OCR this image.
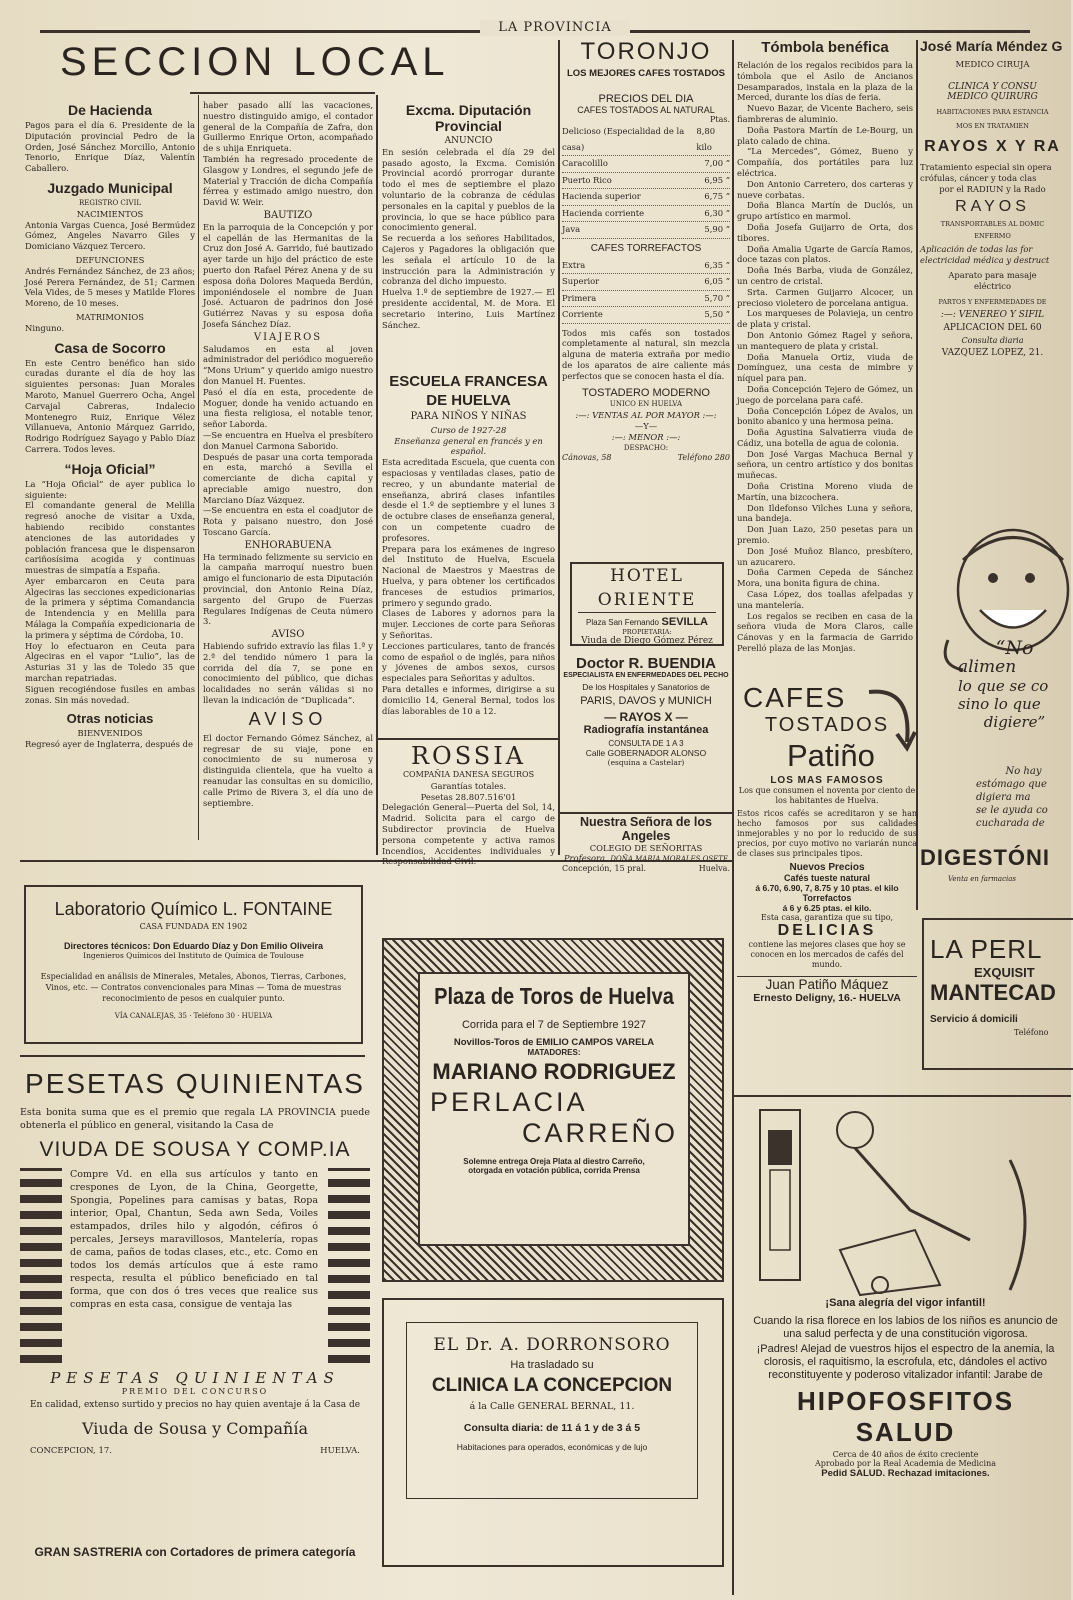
LA PROVINCIA
SECCION LOCAL
De Hacienda
Pagos para el día 6. Presidente de la Diputación provincial Pedro de la Orden, José Sánchez Morcillo, Antonio Tenorio, Enrique Díaz, Valentín Caballero.
Juzgado Municipal
REGISTRO CIVIL
NACIMIENTOS
Antonia Vargas Cuenca, José Bermúdez Gómez, Angeles Navarro Giles y Domiciano Vázquez Tercero.
DEFUNCIONES
Andrés Fernández Sánchez, de 23 años; José Perera Fernández, de 51; Carmen Vela Vides, de 5 meses y Matilde Flores Moreno, de 10 meses.
MATRIMONIOS
Ninguno.
Casa de Socorro
En este Centro benéfico han sido curadas durante el día de hoy las siguientes personas: Juan Morales Maroto, Manuel Guerrero Ocha, Angel Carvajal Cabreras, Indalecio Montenegro Ruiz, Enrique Vélez Villanueva, Antonio Márquez Garrido, Rodrigo Rodríguez Sayago y Pablo Díaz Carrera. Todos leves.
“Hoja Oficial”
La “Hoja Oficial” de ayer publica lo siguiente:
El comandante general de Melilla regresó anoche de visitar a Uxda, habiendo recibido constantes atenciones de las autoridades y población francesa que le dispensaron cariñosísima acogida y continuas muestras de simpatía a España.
Ayer embarcaron en Ceuta para Algeciras las secciones expedicionarias de la primera y séptima Comandancia de Intendencia y en Melilla para Málaga la Compañía expedicionaria de la primera y séptima de Córdoba, 10.
Hoy lo efectuaron en Ceuta para Algeciras en el vapor “Lulio”, las de Asturias 31 y las de Toledo 35 que marchan repatriadas.
Siguen recogiéndose fusiles en ambas zonas. Sin más novedad.
Otras noticias
BIENVENIDOS
Regresó ayer de Inglaterra, después de
haber pasado allí las vacaciones, nuestro distinguido amigo, el contador general de la Compañía de Zafra, don Guillermo Enrique Orton, acompañado de s uhija Enriqueta.
También ha regresado procedente de Glasgow y Londres, el segundo jefe de Material y Tracción de dicha Compañía férrea y estimado amigo nuestro, don David W. Weir.
BAUTIZO
En la parroquia de la Concepción y por el capellán de las Hermanitas de la Cruz don José A. Garrido, fué bautizado ayer tarde un hijo del práctico de este puerto don Rafael Pérez Anena y de su esposa doña Dolores Maqueda Berdún, imponiéndosele el nombre de Juan José. Actuaron de padrinos don José Gutiérrez Navas y su esposa doña Josefa Sánchez Díaz.
VIAJEROS
Saludamos en esta al joven administrador del periódico moguereño “Mons Urium” y querido amigo nuestro don Manuel H. Fuentes.
Pasó el día en esta, procedente de Moguer, donde ha venido actuando en una fiesta religiosa, el notable tenor, señor Laborda.
—Se encuentra en Huelva el presbítero don Manuel Carmona Saborido.
Después de pasar una corta temporada en esta, marchó a Sevilla el comerciante de dicha capital y apreciable amigo nuestro, don Marciano Díaz Vázquez.
—Se encuentra en esta el coadjutor de Rota y paisano nuestro, don José Toscano García.
ENHORABUENA
Ha terminado felizmente su servicio en la campaña marroquí nuestro buen amigo el funcionario de esta Diputación provincial, don Antonio Reina Díaz, sargento del Grupo de Fuerzas Regulares Indígenas de Ceuta número 3.
AVISO
Habiendo sufrido extravío las filas 1.ª y 2.ª del tendido número 1 para la corrida del día 7, se pone en conocimiento del público, que dichas localidades no serán válidas si no llevan la indicación de “Duplicada”.
AVISO
El doctor Fernando Gómez Sánchez, al regresar de su viaje, pone en conocimiento de su numerosa y distinguida clientela, que ha vuelto a reanudar las consultas en su domicilio, calle Primo de Rivera 3, el día uno de septiembre.
Excma. Diputación Provincial
ANUNCIO
En sesión celebrada el día 29 del pasado agosto, la Excma. Comisión Provincial acordó prorrogar durante todo el mes de septiembre el plazo voluntario de la cobranza de cédulas personales en la capital y pueblos de la provincia, lo que se hace público para conocimiento general.
Se recuerda a los señores Habilitados, Cajeros y Pagadores la obligación que les señala el artículo 10 de la instrucción para la Administración y cobranza del dicho impuesto.
Huelva 1.º de septiembre de 1927.— El presidente accidental, M. de Mora. El secretario interino, Luis Martínez Sánchez.
ESCUELA FRANCESA DE HUELVA
PARA NIÑOS Y NIÑAS
Curso de 1927-28
Enseñanza general en francés y en español.
Esta acreditada Escuela, que cuenta con espaciosas y ventiladas clases, patio de recreo, y un abundante material de enseñanza, abrirá clases infantiles desde el 1.º de septiembre y el lunes 3 de octubre clases de enseñanza general, con un competente cuadro de profesores.
Prepara para los exámenes de ingreso del Instituto de Huelva, Escuela Nacional de Maestros y Maestras de Huelva, y para obtener los certificados franceses de estudios primarios, primero y segundo grado.
Clases de Labores y adornos para la mujer. Lecciones de corte para Señoras y Señoritas.
Lecciones particulares, tanto de francés como de español o de inglés, para niños y jóvenes de ambos sexos, cursos especiales para Señoritas y adultos.
Para detalles e informes, dirigirse a su domicilio 14, General Bernal, todos los días laborables de 10 a 12.
ROSSIA
COMPAÑIA DANESA SEGUROS
Garantías totales.
Pesetas 28.807.516'01
Delegación General—Puerta del Sol, 14, Madrid. Solicita para el cargo de Subdirector provincia de Huelva persona competente y activa ramos Incendios, Accidentes individuales y Responsabilidad Civil.
TORONJO
LOS MEJORES CAFES TOSTADOS
PRECIOS DEL DIA
CAFES TOSTADOS AL NATURAL
Ptas.
Delicioso (Especialidad de la casa)
8,80 kilo
Caracolillo	7,00 ”
Puerto Rico	6,95 ”
Hacienda superior	6,75 ”
Hacienda corriente	6,30 ”
Java	5,90 ”
CAFES TORREFACTOS
Extra	6,35 ”
Superior	6,05 ”
Primera	5,70 ”
Corriente	5,50 ”
Todos mis cafés son tostados completamente al natural, sin mezcla alguna de materia extraña por medio de los aparatos de aire caliente más perfectos que se conocen hasta el día.
TOSTADERO MODERNO
UNICO EN HUELVA
:—: VENTAS AL POR MAYOR :—:
—Y—
:—: MENOR :—:
DESPACHO:
Cánovas, 58	Teléfono 280
HOTEL ORIENTE
Plaza San Fernando SEVILLA
PROPIETARIA:
Viuda de Diego Gómez Pérez
Doctor R. BUENDIA
ESPECIALISTA EN ENFERMEDADES DEL PECHO
De los Hospitales y Sanatorios de
PARIS, DAVOS y MUNICH
— RAYOS X —
Radiografía instantánea
CONSULTA DE 1 A 3
Calle GOBERNADOR ALONSO
(esquina a Castelar)
Nuestra Señora de los Angeles
COLEGIO DE SEÑORITAS
Profesora, DOÑA MARIA MORALES OSETE
Concepción, 15 pral.	Huelva.
Tómbola benéfica
Relación de los regalos recibidos para la tómbola que el Asilo de Ancianos Desamparados, instala en la plaza de la Merced, durante los días de feria.
Nuevo Bazar, de Vicente Bachero, seis fiambreras de aluminio.
Doña Pastora Martín de Le-Bourg, un plato calado de china.
“La Mercedes”, Gómez, Bueno y Compañía, dos portátiles para luz eléctrica.
Don Antonio Carretero, dos carteras y nueve corbatas.
Doña Blanca Martín de Duclós, un grupo artístico en marmol.
Doña Josefa Guijarro de Orta, dos tibores.
Doña Amalia Ugarte de García Ramos, doce tazas con platos.
Doña Inés Barba, viuda de González, un centro de cristal.
Srta. Carmen Guijarro Alcocer, un precioso violetero de porcelana antigua.
Los marqueses de Polavieja, un centro de plata y cristal.
Don Antonio Gómez Ragel y señora, un mantequero de plata y cristal.
Doña Manuela Ortiz, viuda de Domínguez, una cesta de mimbre y níquel para pan.
Doña Concepción Tejero de Gómez, un juego de porcelana para café.
Doña Concepción López de Avalos, un bonito abanico y una hermosa peina.
Doña Agustina Salvatierra viuda de Cádiz, una botella de agua de colonia.
Don José Vargas Machuca Bernal y señora, un centro artístico y dos bonitas muñecas.
Doña Cristina Moreno viuda de Martín, una bizcochera.
Don Ildefonso Vilches Luna y señora, una bandeja.
Don Juan Lazo, 250 pesetas para un premio.
Don José Muñoz Blanco, presbítero, un azucarero.
Doña Carmen Cepeda de Sánchez Mora, una bonita figura de china.
Casa López, dos toallas afelpadas y una mantelería.
Los regalos se reciben en casa de la señora viuda de Mora Claros, calle Cánovas y en la farmacia de Garrido Perelló plaza de las Monjas.
José María Méndez G
MEDICO CIRUJA
CLINICA Y CONSU
MEDICO QUIRURG
HABITACIONES PARA ESTANCIA
MOS EN TRATAMIEN
RAYOS X Y RA
Tratamiento especial sin opera
crófulas, cáncer y toda clas
por el RADIUN y la Rado
RAYOS
TRANSPORTABLES AL DOMIC
ENFERMO
Aplicación de todas las for
electricidad médica y destruct
Aparato para masaje
eléctrico
PARTOS Y ENFERMEDADES DE
:—: VENEREO Y SIFIL
APLICACION DEL 60
Consulta diaria
VAZQUEZ LOPEZ, 21.
“No
alimen
lo que se co
sino lo que
digiere”
No hay
estómago que
digiera ma
se le ayuda co
cucharada de
DIGESTÓNI
Venta en farmacias
LA PERL
EXQUISIT
MANTECAD
Servicio á domicili
Teléfono
Laboratorio Químico L. FONTAINE
CASA FUNDADA EN 1902
Directores técnicos: Don Eduardo Díaz y Don Emilio Oliveira
Ingenieros Químicos del Instituto de Química de Toulouse
Especialidad en análisis de Minerales, Metales, Abonos, Tierras, Carbones, Vinos, etc. — Contratos convencionales para Minas — Toma de muestras reconocimiento de pesos en cualquier punto.
VÍA CANALEJAS, 35 · Teléfono 30 · HUELVA
PESETAS QUINIENTAS
Esta bonita suma que es el premio que regala LA PROVINCIA puede obtenerla el público en general, visitando la Casa de
VIUDA DE SOUSA Y COMP.IA
Compre Vd. en ella sus artículos y tanto en crespones de Lyon, de la China, Georgette, Spongia, Popelines para camisas y batas, Ropa interior, Opal, Chantun, Seda awn Seda, Voiles estampados, driles hilo y algodón, céfiros ó percales, Jerseys maravillosos, Mantelería, ropas de cama, paños de todas clases, etc., etc. Como en todos los demás artículos que á este ramo respecta, resulta el público beneficiado en tal forma, que con dos ó tres veces que realice sus compras en esta casa, consigue de ventaja las
PESETAS QUINIENTAS
PREMIO DEL CONCURSO
En calidad, extenso surtido y precios no hay quien aventaje á la Casa de
Viuda de Sousa y Compañía
CONCEPCION, 17.	HUELVA.
GRAN SASTRERIA con Cortadores de primera categoría
Plaza de Toros de Huelva
Corrida para el 7 de Septiembre 1927
Novillos-Toros de EMILIO CAMPOS VARELA
MATADORES:
MARIANO RODRIGUEZ
PERLACIA
CARREÑO
Solemne entrega Oreja Plata al diestro Carreño,
otorgada en votación pública, corrida Prensa
EL Dr. A. DORRONSORO
Ha trasladado su
CLINICA LA CONCEPCION
á la Calle GENERAL BERNAL, 11.
Consulta diaria: de 11 á 1 y de 3 á 5
Habitaciones para operados, económicas y de lujo
CAFES
TOSTADOS
Patiño
LOS MAS FAMOSOS
Los que consumen el noventa por ciento de los habitantes de Huelva.
Estos ricos cafés se acreditaron y se han hecho famosos por sus calidades inmejorables y no por lo reducido de sus precios, por cuyo motivo no variarán nunca de clases sus principales tipos.
Nuevos Precios
Cafés tueste natural
á 6.70, 6.90, 7, 8.75 y 10 ptas. el kilo
Torrefactos
á 6 y 6.25 ptas. el kilo.
Esta casa, garantiza que su tipo,
DELICIAS
contiene las mejores clases que hoy se conocen en los mercados de cafés del mundo.
Juan Patiño Máquez
Ernesto Deligny, 16.- HUELVA
¡Sana alegría del vigor infantil!
Cuando la risa florece en los labios de los niños es anuncio de una salud perfecta y de una constitución vigorosa.
¡Padres! Alejad de vuestros hijos el espectro de la anemia, la clorosis, el raquitismo, la escrofula, etc, dándoles el activo reconstituyente y poderoso vitalizador infantil: Jarabe de
HIPOFOSFITOS
SALUD
Cerca de 40 años de éxito creciente
Aprobado por la Real Academia de Medicina
Pedid SALUD. Rechazad imitaciones.
